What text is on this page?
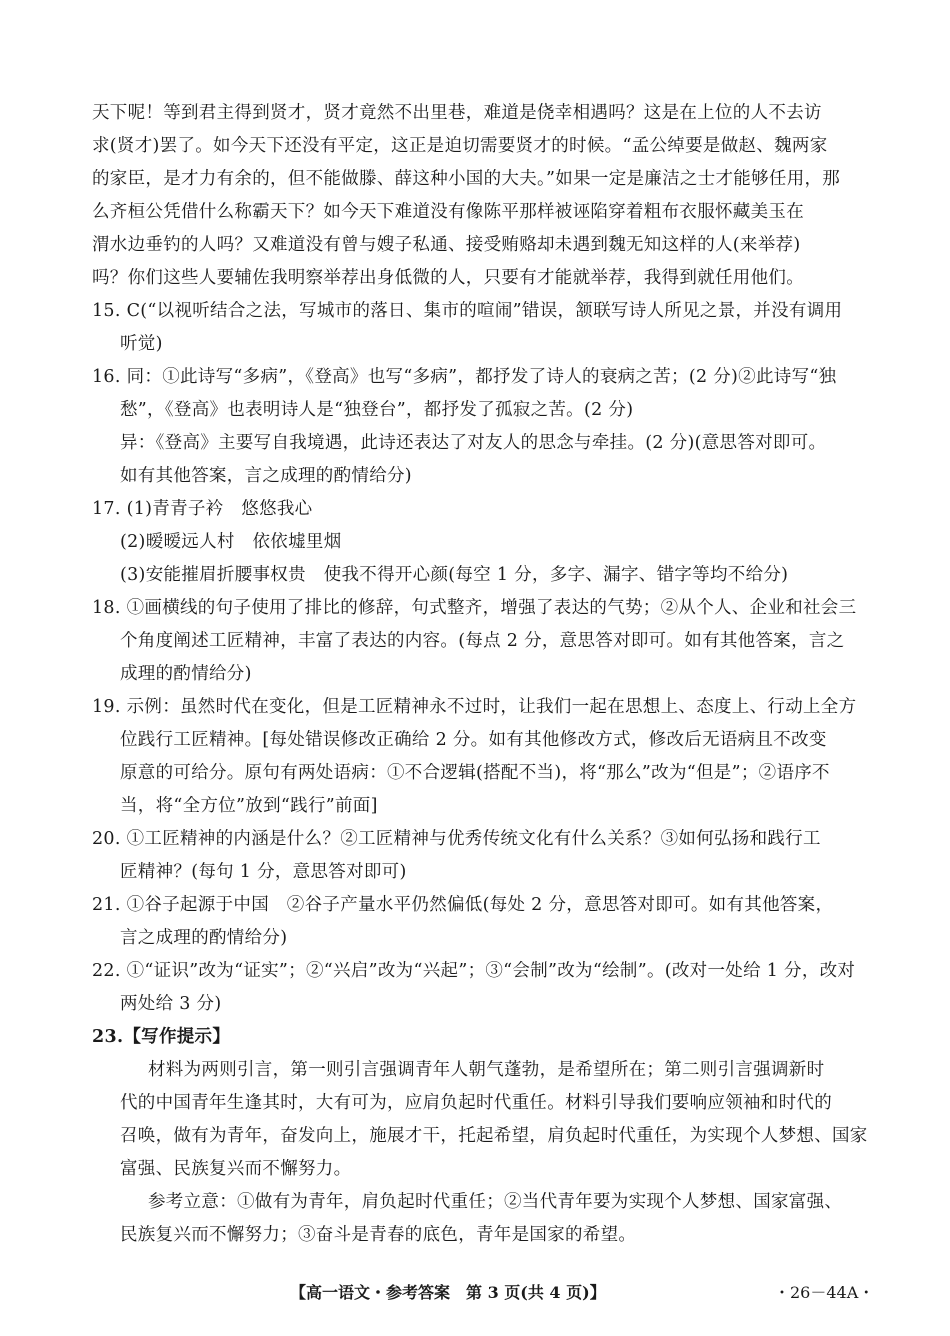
天下呢！等到君主得到贤才，贤才竟然不出里巷，难道是侥幸相遇吗？这是在上位的人不去访
求(贤才)罢了。如今天下还没有平定，这正是迫切需要贤才的时候。“孟公绰要是做赵、魏两家
的家臣，是才力有余的，但不能做滕、薛这种小国的大夫。”如果一定是廉洁之士才能够任用，那
么齐桓公凭借什么称霸天下？如今天下难道没有像陈平那样被诬陷穿着粗布衣服怀藏美玉在
渭水边垂钓的人吗？又难道没有曾与嫂子私通、接受贿赂却未遇到魏无知这样的人(来举荐)
吗？你们这些人要辅佐我明察举荐出身低微的人，只要有才能就举荐，我得到就任用他们。
15. C(“以视听结合之法，写城市的落日、集市的喧闹”错误，颔联写诗人所见之景，并没有调用
听觉)
16. 同：①此诗写“多病”，《登高》也写“多病”，都抒发了诗人的衰病之苦；(2 分)②此诗写“独
愁”，《登高》也表明诗人是“独登台”，都抒发了孤寂之苦。(2 分)
异：《登高》主要写自我境遇，此诗还表达了对友人的思念与牵挂。(2 分)(意思答对即可。
如有其他答案，言之成理的酌情给分)
17. (1)青青子衿　悠悠我心
(2)暧暧远人村　依依墟里烟
(3)安能摧眉折腰事权贵　使我不得开心颜(每空 1 分，多字、漏字、错字等均不给分)
18. ①画横线的句子使用了排比的修辞，句式整齐，增强了表达的气势；②从个人、企业和社会三
个角度阐述工匠精神，丰富了表达的内容。(每点 2 分，意思答对即可。如有其他答案，言之
成理的酌情给分)
19. 示例：虽然时代在变化，但是工匠精神永不过时，让我们一起在思想上、态度上、行动上全方
位践行工匠精神。[每处错误修改正确给 2 分。如有其他修改方式，修改后无语病且不改变
原意的可给分。原句有两处语病：①不合逻辑(搭配不当)，将“那么”改为“但是”；②语序不
当，将“全方位”放到“践行”前面]
20. ①工匠精神的内涵是什么？②工匠精神与优秀传统文化有什么关系？③如何弘扬和践行工
匠精神？(每句 1 分，意思答对即可)
21. ①谷子起源于中国　②谷子产量水平仍然偏低(每处 2 分，意思答对即可。如有其他答案，
言之成理的酌情给分)
22. ①“证识”改为“证实”；②“兴启”改为“兴起”；③“会制”改为“绘制”。(改对一处给 1 分，改对
两处给 3 分)
23.【写作提示】
材料为两则引言，第一则引言强调青年人朝气蓬勃，是希望所在；第二则引言强调新时
代的中国青年生逢其时，大有可为，应肩负起时代重任。材料引导我们要响应领袖和时代的
召唤，做有为青年，奋发向上，施展才干，托起希望，肩负起时代重任，为实现个人梦想、国家
富强、民族复兴而不懈努力。
参考立意：①做有为青年，肩负起时代重任；②当代青年要为实现个人梦想、国家富强、
民族复兴而不懈努力；③奋斗是青春的底色，青年是国家的希望。
【高一语文・参考答案　第 3 页(共 4 页)】	・26－44A・
